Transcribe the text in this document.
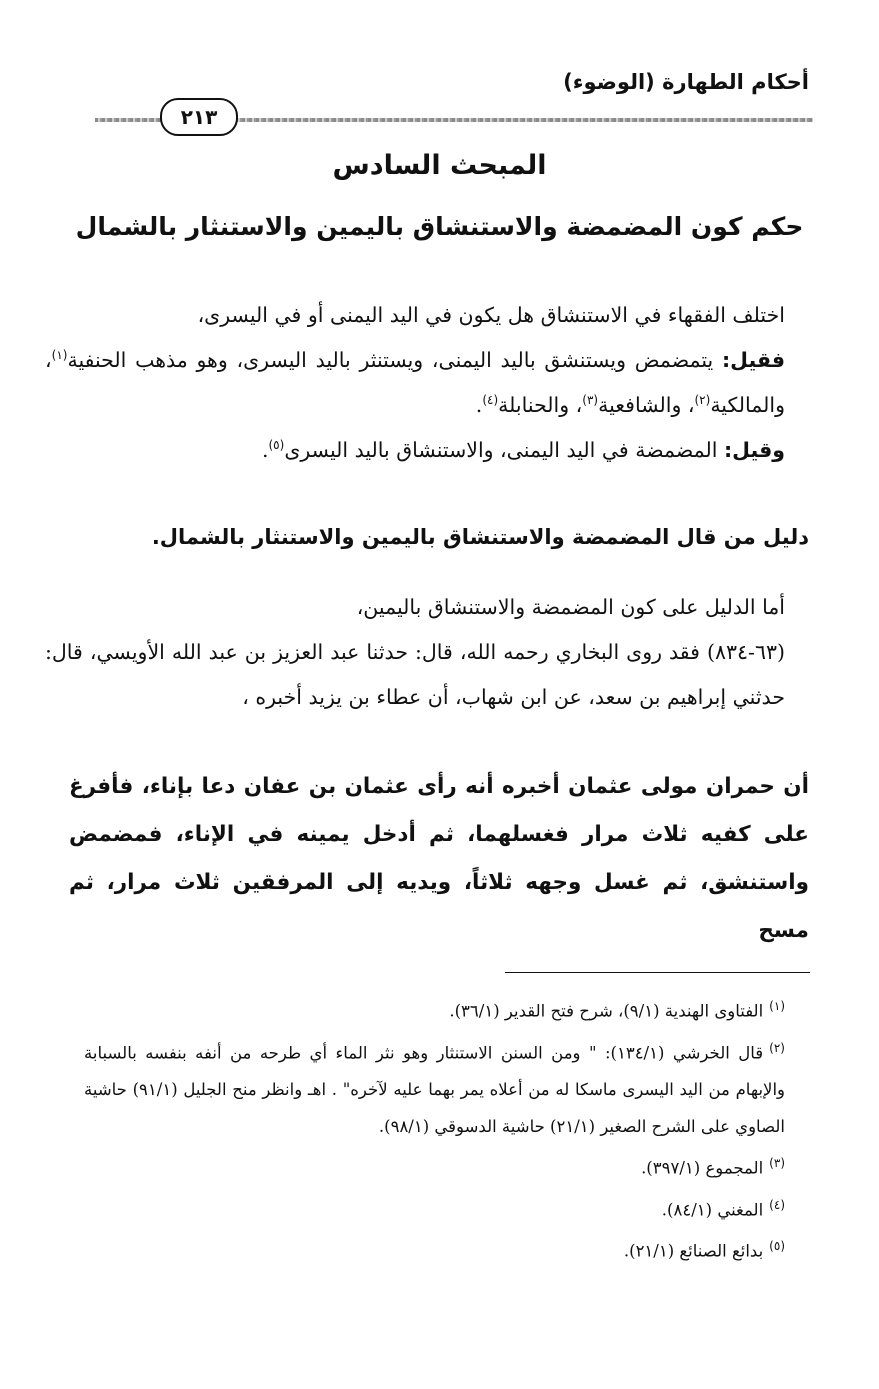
أحكام الطهارة (الوضوء)
٢١٣
المبحث السادس
حكم كون المضمضة والاستنشاق باليمين والاستنثار بالشمال

اختلف الفقهاء في الاستنشاق هل يكون في اليد اليمنى أو في اليسرى،

فقيل: يتمضمض ويستنشق باليد اليمنى، ويستنثر باليد اليسرى، وهو مذهب الحنفية$^{(١)}$، والمالكية$^{(٢)}$، والشافعية$^{(٣)}$، والحنابلة$^{(٤)}$.

وقيل: المضمضة في اليد اليمنى، والاستنشاق باليد اليسرى$^{(٥)}$.

دليل من قال المضمضة والاستنشاق باليمين والاستنثار بالشمال.

أما الدليل على كون المضمضة والاستنشاق باليمين،

(٦٣-٨٣٤) فقد روى البخاري رحمه الله، قال: حدثنا عبد العزيز بن عبد الله الأويسي، قال: حدثني إبراهيم بن سعد، عن ابن شهاب، أن عطاء بن يزيد أخبره ،

أن حمران مولى عثمان أخبره أنه رأى عثمان بن عفان دعا بإناء، فأفرغ على كفيه ثلاث مرار فغسلهما، ثم أدخل يمينه في الإناء، فمضمض واستنشق، ثم غسل وجهه ثلاثاً، ويديه إلى المرفقين ثلاث مرار، ثم مسح

$^{(١)}$الفتاوى الهندية (٩/١)، شرح فتح القدير (٣٦/١).

$^{(٢)}$قال الخرشي (١٣٤/١): " ومن السنن الاستنثار وهو نثر الماء أي طرحه من أنفه بنفسه بالسبابة والإبهام من اليد اليسرى ماسكا له من أعلاه يمر بهما عليه لآخره" . اهـ وانظر منح الجليل (٩١/١) حاشية الصاوي على الشرح الصغير (٢١/١) حاشية الدسوقي (٩٨/١).

$^{(٣)}$المجموع (٣٩٧/١).

$^{(٤)}$المغني (٨٤/١).

$^{(٥)}$بدائع الصنائع (٢١/١).
